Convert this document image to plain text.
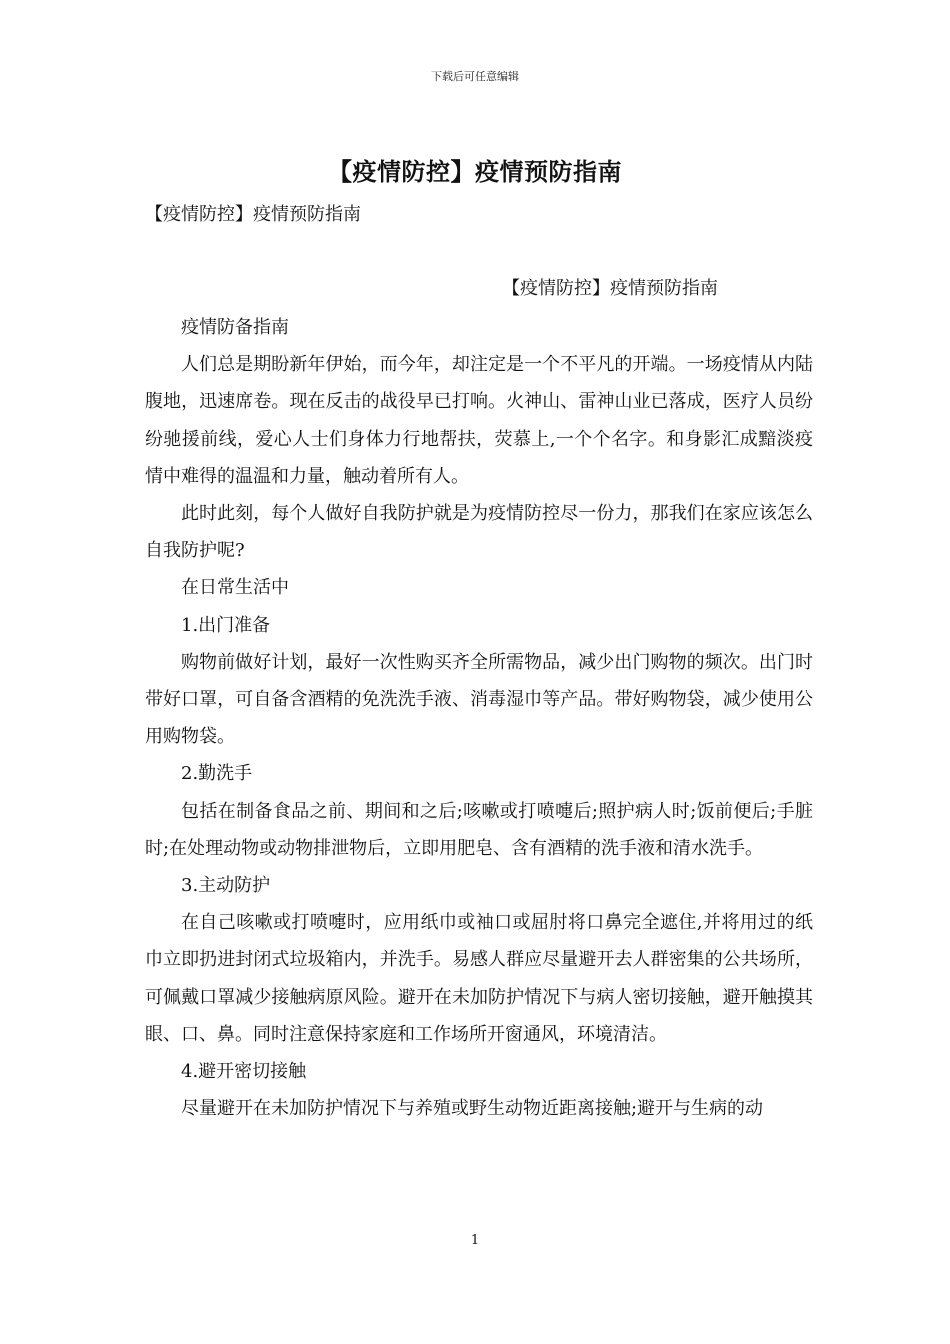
下载后可任意编辑
【疫情防控】疫情预防指南
【疫情防控】疫情预防指南
【疫情防控】疫情预防指南

疫情防备指南

人们总是期盼新年伊始，而今年，却注定是一个不平凡的开端。一场疫情从内陆腹地，迅速席卷。现在反击的战役早已打响。火神山、雷神山业已落成，医疗人员纷纷驰援前线，爱心人士们身体力行地帮扶，荧慕上,一个个名字。和身影汇成黯淡疫情中难得的温温和力量，触动着所有人。

此时此刻，每个人做好自我防护就是为疫情防控尽一份力，那我们在家应该怎么自我防护呢?

在日常生活中

1.出门准备

购物前做好计划，最好一次性购买齐全所需物品，减少出门购物的频次。出门时带好口罩，可自备含酒精的免洗洗手液、消毒湿巾等产品。带好购物袋，减少使用公用购物袋。

2.勤洗手

包括在制备食品之前、期间和之后;咳嗽或打喷嚏后;照护病人时;饭前便后;手脏时;在处理动物或动物排泄物后，立即用肥皂、含有酒精的洗手液和清水洗手。

3.主动防护

在自己咳嗽或打喷嚏时，应用纸巾或袖口或屈肘将口鼻完全遮住,并将用过的纸巾立即扔进封闭式垃圾箱内，并洗手。易感人群应尽量避开去人群密集的公共场所，可佩戴口罩减少接触病原风险。避开在未加防护情况下与病人密切接触，避开触摸其眼、口、鼻。同时注意保持家庭和工作场所开窗通风，环境清洁。

4.避开密切接触

尽量避开在未加防护情况下与养殖或野生动物近距离接触;避开与生病的动

1
